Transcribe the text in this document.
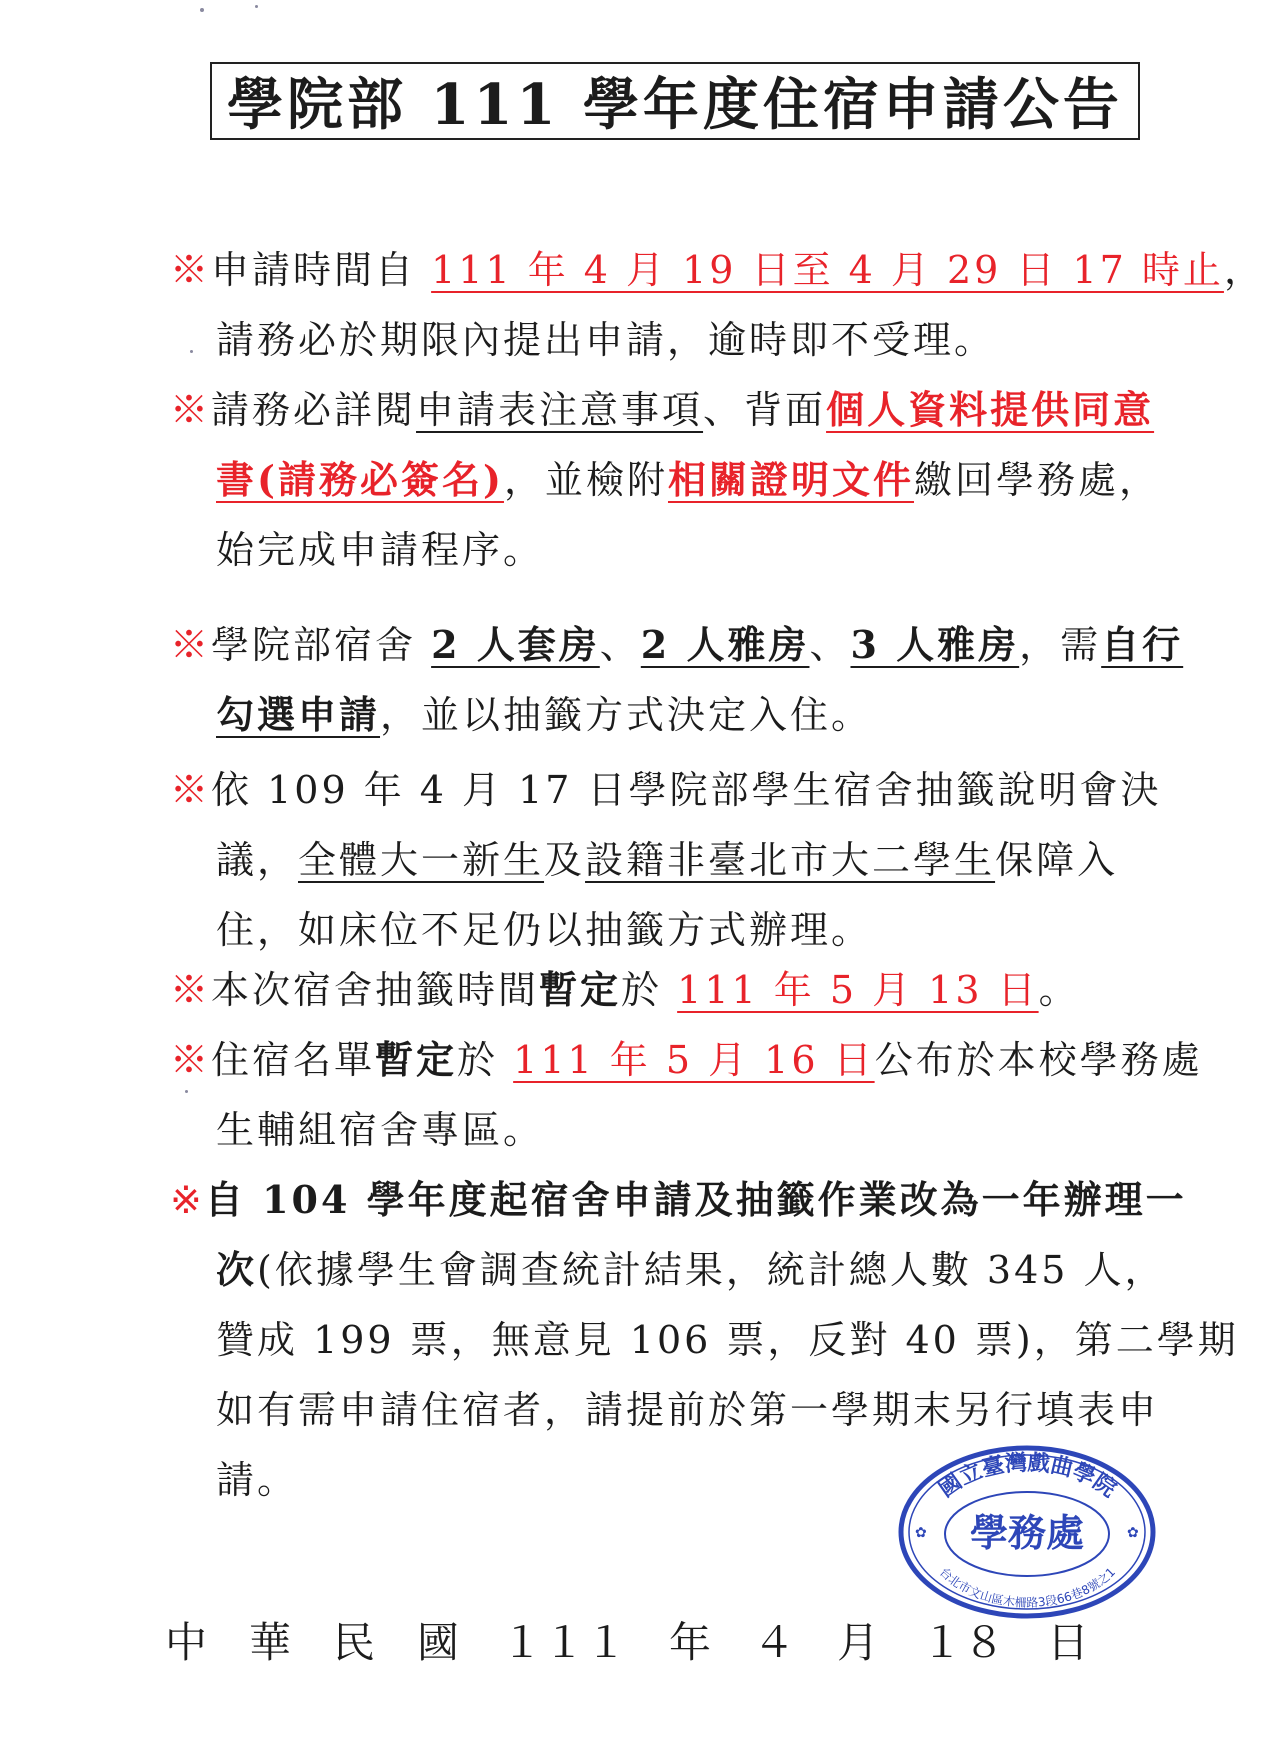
學院部 111 學年度住宿申請公告
※申請時間自 111 年 4 月 19 日至 4 月 29 日 17 時止，
請務必於期限內提出申請，逾時即不受理。
※請務必詳閱申請表注意事項、背面個人資料提供同意
書(請務必簽名)，並檢附相關證明文件繳回學務處，
始完成申請程序。
※學院部宿舍 2 人套房、2 人雅房、3 人雅房，需自行
勾選申請，並以抽籤方式決定入住。
※依 109 年 4 月 17 日學院部學生宿舍抽籤說明會決
議，全體大一新生及設籍非臺北市大二學生保障入
住，如床位不足仍以抽籤方式辦理。
※本次宿舍抽籤時間暫定於 111 年 5 月 13 日。
※住宿名單暫定於 111 年 5 月 16 日公布於本校學務處
生輔組宿舍專區。
※自 104 學年度起宿舍申請及抽籤作業改為一年辦理一
次(依據學生會調查統計結果，統計總人數 345 人，
贊成 199 票，無意見 106 票，反對 40 票)，第二學期
如有需申請住宿者，請提前於第一學期末另行填表申
請。	國立臺灣戲曲學院
學務處
台北市文山區木柵路3段66巷8號之1
✿	✿
中　華　民　國　１１１　年　４　月　１８　日
